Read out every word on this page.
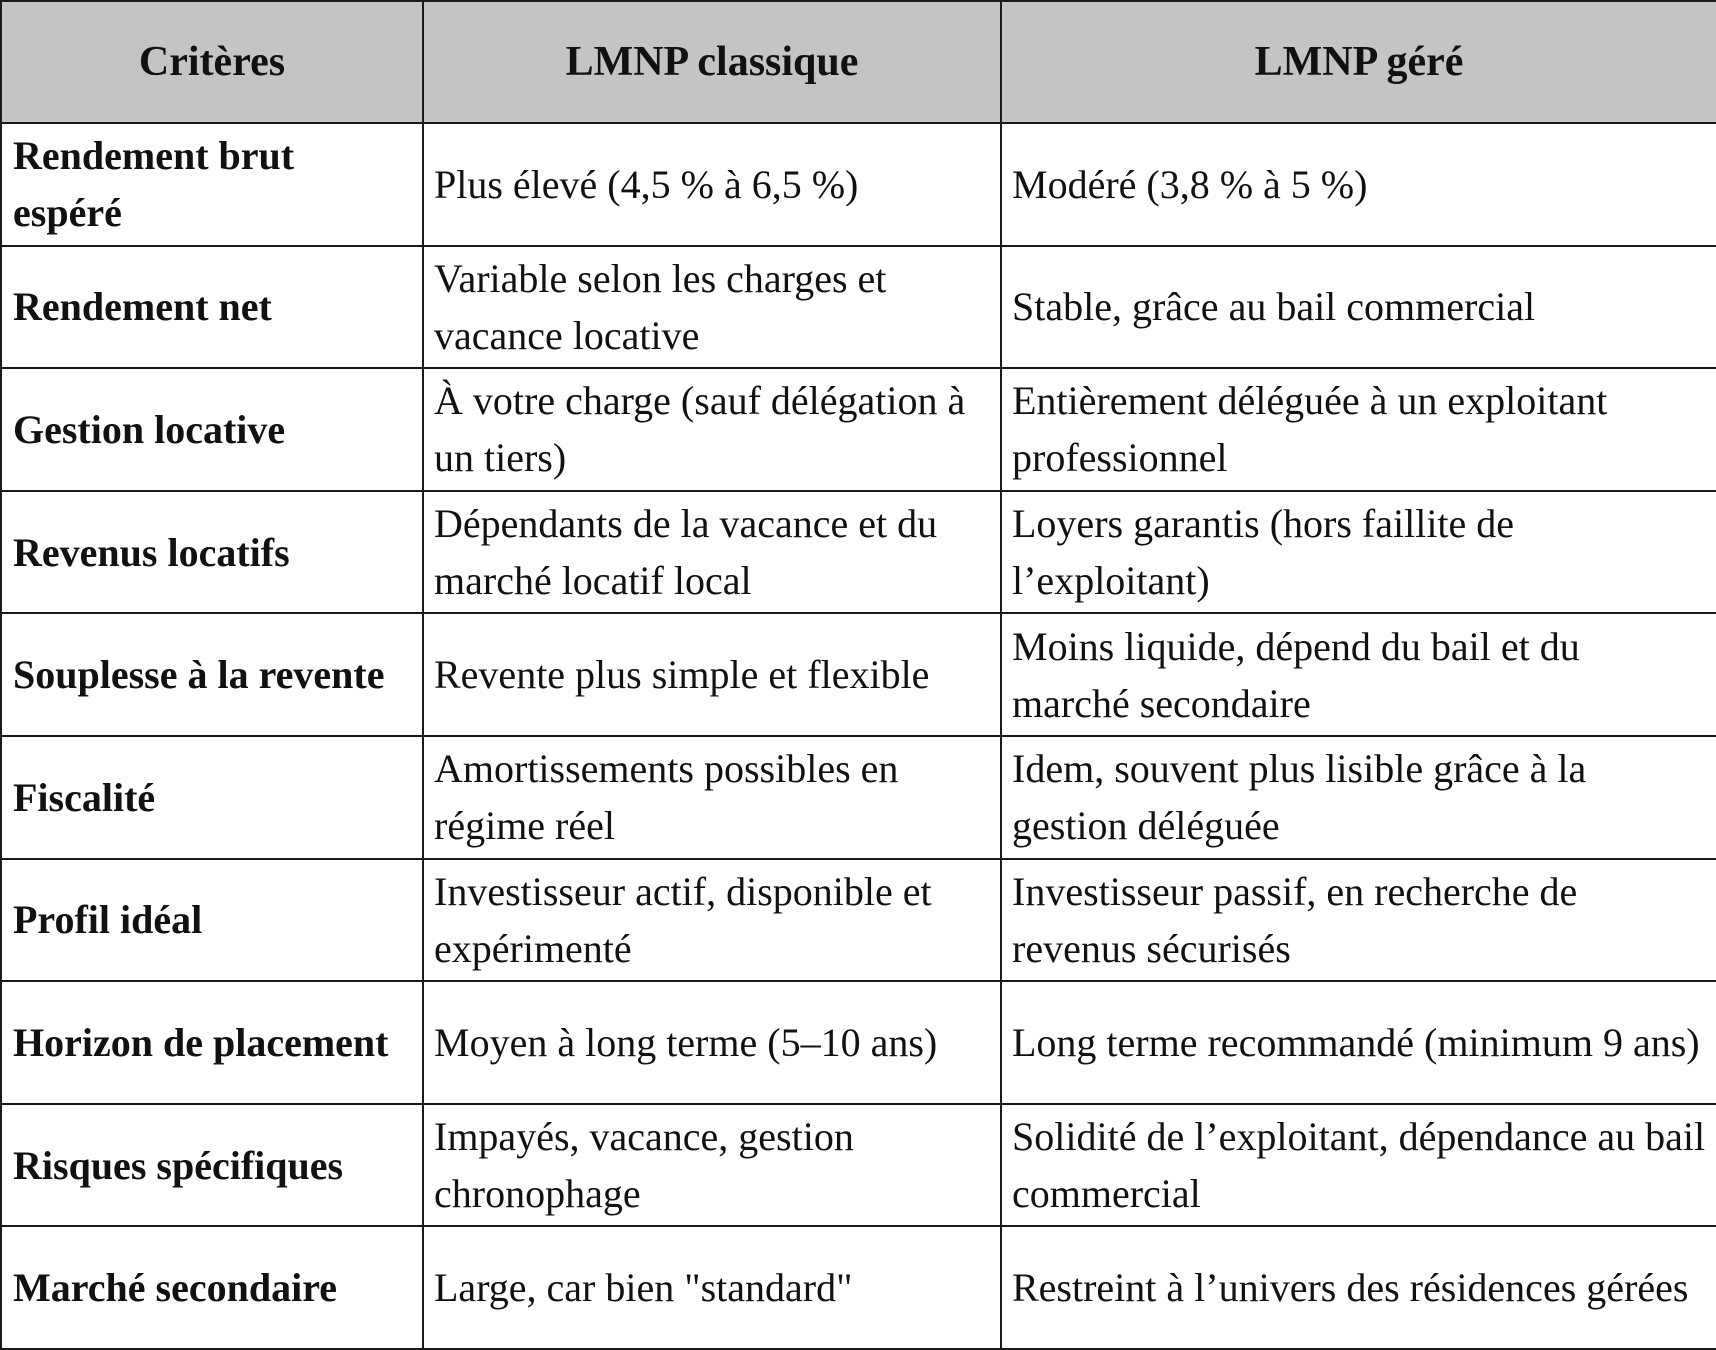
Critères	LMNP classique	LMNP géré
Rendement brut espéré	Plus élevé (4,5 % à 6,5 %)	Modéré (3,8 % à 5 %)
Rendement net	Variable selon les charges et vacance locative	Stable, grâce au bail commercial
Gestion locative	À votre charge (sauf délégation à un tiers)	Entièrement déléguée à un exploitant professionnel
Revenus locatifs	Dépendants de la vacance et du marché locatif local	Loyers garantis (hors faillite de l’exploitant)
Souplesse à la revente	Revente plus simple et flexible	Moins liquide, dépend du bail et du marché secondaire
Fiscalité	Amortissements possibles en régime réel	Idem, souvent plus lisible grâce à la gestion déléguée
Profil idéal	Investisseur actif, disponible et expérimenté	Investisseur passif, en recherche de revenus sécurisés
Horizon de placement	Moyen à long terme (5–10 ans)	Long terme recommandé (minimum 9 ans)
Risques spécifiques	Impayés, vacance, gestion chronophage	Solidité de l’exploitant, dépendance au bail commercial
Marché secondaire	Large, car bien "standard"	Restreint à l’univers des résidences gérées
